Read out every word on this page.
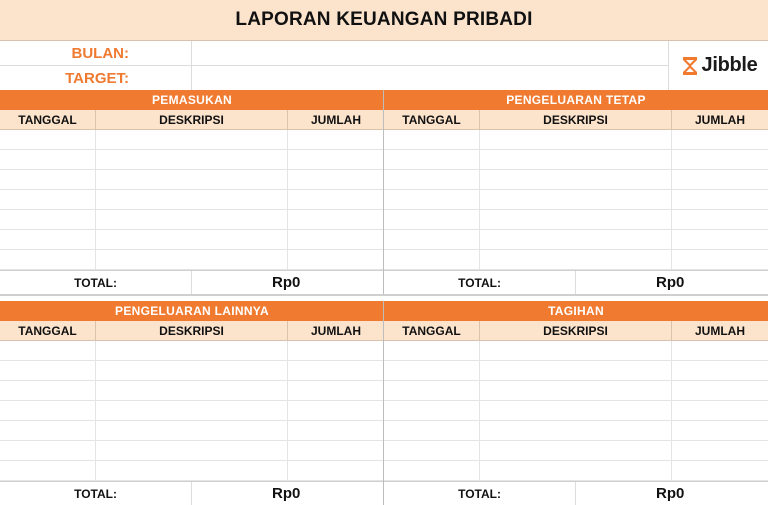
LAPORAN KEUANGAN PRIBADI
BULAN:
TARGET:
Jibble
PEMASUKAN
TANGGAL	DESKRIPSI	JUMLAH
TOTAL:	Rp0
PENGELUARAN TETAP
TANGGAL	DESKRIPSI	JUMLAH
TOTAL:	Rp0
PENGELUARAN LAINNYA
TANGGAL	DESKRIPSI	JUMLAH
TOTAL:	Rp0
TAGIHAN
TANGGAL	DESKRIPSI	JUMLAH
TOTAL:	Rp0
